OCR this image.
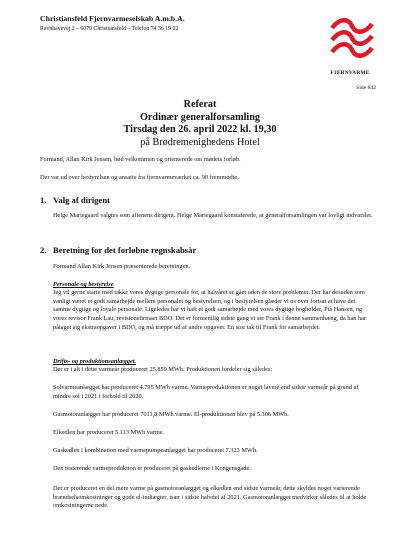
Christiansfeld Fjernvarmeselskab A.m.b.A.
Ravnhavevej 2 – 6070 Christiansfeld – Telefon 74 56 19 02
FJERNVARME
Side 842
Referat
Ordinær generalforsamling
Tirsdag den 26. april 2022 kl. 19,30
på Brødremenighedens Hotel
Formand, Allan Kirk Jensen, bød velkommen og orienterede om mødets forløb.
Der var ud over bestyrelsen og ansatte fra fjernvarmeværket ca. 90 fremmødte.
1. Valg af dirigent
Helge Mariegaard valgtes som aftenens dirigent. Helge Mariegaard konstaterede, at generalforsamlingen var lovligt indvarslet.
2. Beretning for det forløbne regnskabsår
Formand Allan Kirk Jensen præsenterede beretningen.
Personale og bestyrelse
Jeg vil gerne starte med takke vores dygtige personale for, at halvåret er gået uden de store problemer. Der har desuden som vanligt været et godt samarbejde mellem personalet og bestyrelsen, og i bestyrelsen glæder vi os over fortsat at have det samme dygtige og loyale personale. Ligeledes har vi haft et godt samarbejde med vores dygtige bogholder, Pia Hansen, og vores revisor Frank Lau, revisionsfirmaet BDO. Det er formentlig sidste gang vi ser Frank i denne sammenhæng, da han har påtaget sig ekstraopgaver i BDO, og må træppe ud af andre opgaver. En stor tak til Frank for samarbejdet.
Drifts- og produktionsanlægget.
Der er i alt i dette varmeår produceret 25.859 MWh. Produktionen fordeler sig således:
Solvarmeanlægget har produceret 4.795 MWh varme. Varmeproduktionen er noget lavere end sidste varmeår på grund af mindre sol i 2021 i forhold til 2020.
Gasmotoranlægget har produceret 7011,8 MWh varme. El-produktionen blev på 5.306 MWh.
Elkedlen har produceret 5.113 MWh varme.
Gaskedlen i kombination med varmepumpeanlægget har produceret 7.323 MWh.
Den resterende varmeproduktion er produceret på gaskedlerne i Kongensgade.
Der er produceret en del mere varme på gasmotoranlægget og elkedlen end sidste varmeår, dette skyldes noget varierende brændselsomkostninger og gode el-indtægter, især i sidste halvdel af 2021. Gasmotoranlægget medvirker således til at holde omkostningerne nede.
